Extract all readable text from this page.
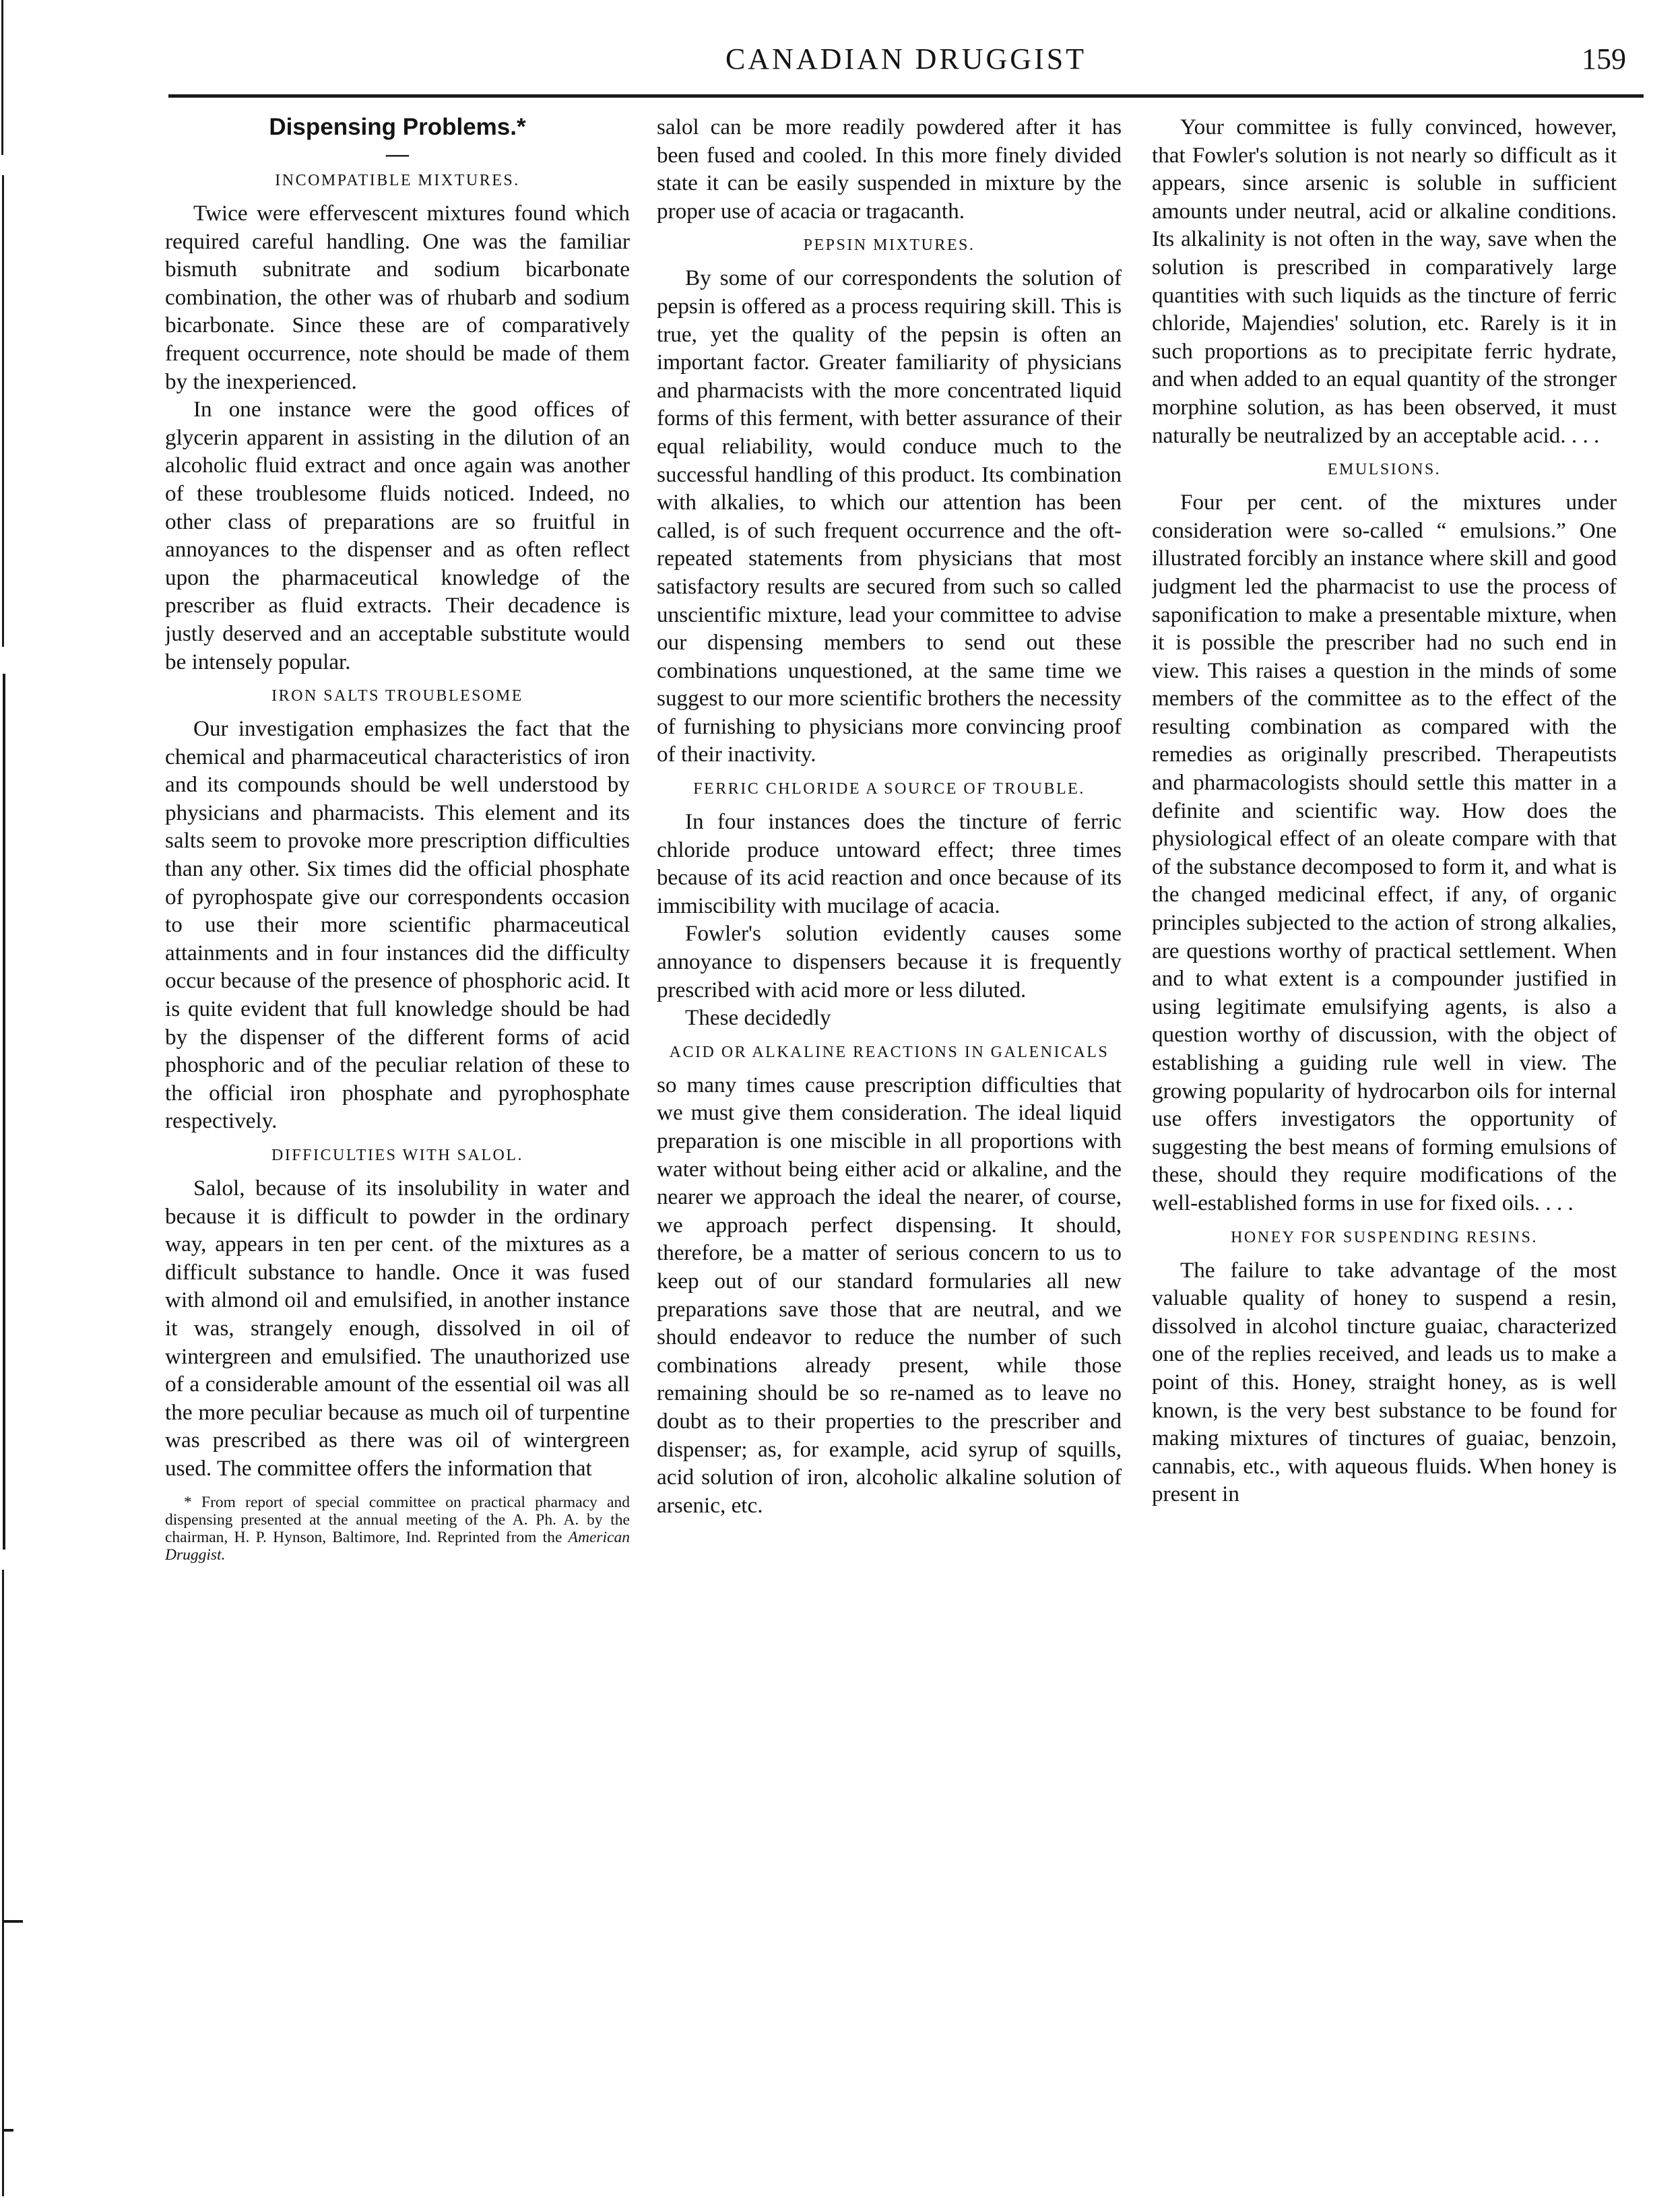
CANADIAN DRUGGIST	159
Dispensing Problems.*
—
INCOMPATIBLE MIXTURES.

Twice were effervescent mixtures found which required careful handling. One was the familiar bismuth subnitrate and sodium bicarbonate combination, the other was of rhubarb and sodium bicarbonate. Since these are of comparatively frequent occurrence, note should be made of them by the inexperienced.

In one instance were the good offices of glycerin apparent in assisting in the dilution of an alcoholic fluid extract and once again was another of these troublesome fluids noticed. Indeed, no other class of preparations are so fruitful in annoyances to the dispenser and as often reflect upon the pharmaceutical knowledge of the prescriber as fluid extracts. Their decadence is justly deserved and an acceptable substitute would be intensely popular.

IRON SALTS TROUBLESOME

Our investigation emphasizes the fact that the chemical and pharmaceutical characteristics of iron and its compounds should be well understood by physicians and pharmacists. This element and its salts seem to provoke more prescription difficulties than any other. Six times did the official phosphate of pyrophospate give our correspondents occasion to use their more scientific pharmaceutical attainments and in four instances did the difficulty occur because of the presence of phosphoric acid. It is quite evident that full knowledge should be had by the dispenser of the different forms of acid phosphoric and of the peculiar relation of these to the official iron phosphate and pyrophosphate respectively.

DIFFICULTIES WITH SALOL.

Salol, because of its insolubility in water and because it is difficult to powder in the ordinary way, appears in ten per cent. of the mixtures as a difficult substance to handle. Once it was fused with almond oil and emulsified, in another instance it was, strangely enough, dissolved in oil of wintergreen and emulsified. The unauthorized use of a considerable amount of the essential oil was all the more peculiar because as much oil of turpentine was prescribed as there was oil of wintergreen used. The committee offers the information that

* From report of special committee on practical pharmacy and dispensing presented at the annual meeting of the A. Ph. A. by the chairman, H. P. Hynson, Baltimore, Ind. Reprinted from the American Druggist.

salol can be more readily powdered after it has been fused and cooled. In this more finely divided state it can be easily suspended in mixture by the proper use of acacia or tragacanth.

PEPSIN MIXTURES.

By some of our correspondents the solution of pepsin is offered as a process requiring skill. This is true, yet the quality of the pepsin is often an important factor. Greater familiarity of physicians and pharmacists with the more concentrated liquid forms of this ferment, with better assurance of their equal reliability, would conduce much to the successful handling of this product. Its combination with alkalies, to which our attention has been called, is of such frequent occurrence and the oft-repeated statements from physicians that most satisfactory results are secured from such so called unscientific mixture, lead your committee to advise our dispensing members to send out these combinations unquestioned, at the same time we suggest to our more scientific brothers the necessity of furnishing to physicians more convincing proof of their inactivity.

FERRIC CHLORIDE A SOURCE OF TROUBLE.

In four instances does the tincture of ferric chloride produce untoward effect; three times because of its acid reaction and once because of its immiscibility with mucilage of acacia.

Fowler's solution evidently causes some annoyance to dispensers because it is frequently prescribed with acid more or less diluted.

These decidedly

ACID OR ALKALINE REACTIONS IN GALENICALS

so many times cause prescription difficulties that we must give them consideration. The ideal liquid preparation is one miscible in all proportions with water without being either acid or alkaline, and the nearer we approach the ideal the nearer, of course, we approach perfect dispensing. It should, therefore, be a matter of serious concern to us to keep out of our standard formularies all new preparations save those that are neutral, and we should endeavor to reduce the number of such combinations already present, while those remaining should be so re-named as to leave no doubt as to their properties to the prescriber and dispenser; as, for example, acid syrup of squills, acid solution of iron, alcoholic alkaline solution of arsenic, etc.

Your committee is fully convinced, however, that Fowler's solution is not nearly so difficult as it appears, since arsenic is soluble in sufficient amounts under neutral, acid or alkaline conditions. Its alkalinity is not often in the way, save when the solution is prescribed in comparatively large quantities with such liquids as the tincture of ferric chloride, Majendies' solution, etc. Rarely is it in such proportions as to precipitate ferric hydrate, and when added to an equal quantity of the stronger morphine solution, as has been observed, it must naturally be neutralized by an acceptable acid. . . .

EMULSIONS.

Four per cent. of the mixtures under consideration were so-called “ emulsions.” One illustrated forcibly an instance where skill and good judgment led the pharmacist to use the process of saponification to make a presentable mixture, when it is possible the prescriber had no such end in view. This raises a question in the minds of some members of the committee as to the effect of the resulting combination as compared with the remedies as originally prescribed. Therapeutists and pharmacologists should settle this matter in a definite and scientific way. How does the physiological effect of an oleate compare with that of the substance decomposed to form it, and what is the changed medicinal effect, if any, of organic principles subjected to the action of strong alkalies, are questions worthy of practical settlement. When and to what extent is a compounder justified in using legitimate emulsifying agents, is also a question worthy of discussion, with the object of establishing a guiding rule well in view. The growing popularity of hydrocarbon oils for internal use offers investigators the opportunity of suggesting the best means of forming emulsions of these, should they require modifications of the well-established forms in use for fixed oils. . . .

HONEY FOR SUSPENDING RESINS.

The failure to take advantage of the most valuable quality of honey to suspend a resin, dissolved in alcohol tincture guaiac, characterized one of the replies received, and leads us to make a point of this. Honey, straight honey, as is well known, is the very best substance to be found for making mixtures of tinctures of guaiac, benzoin, cannabis, etc., with aqueous fluids. When honey is present in
